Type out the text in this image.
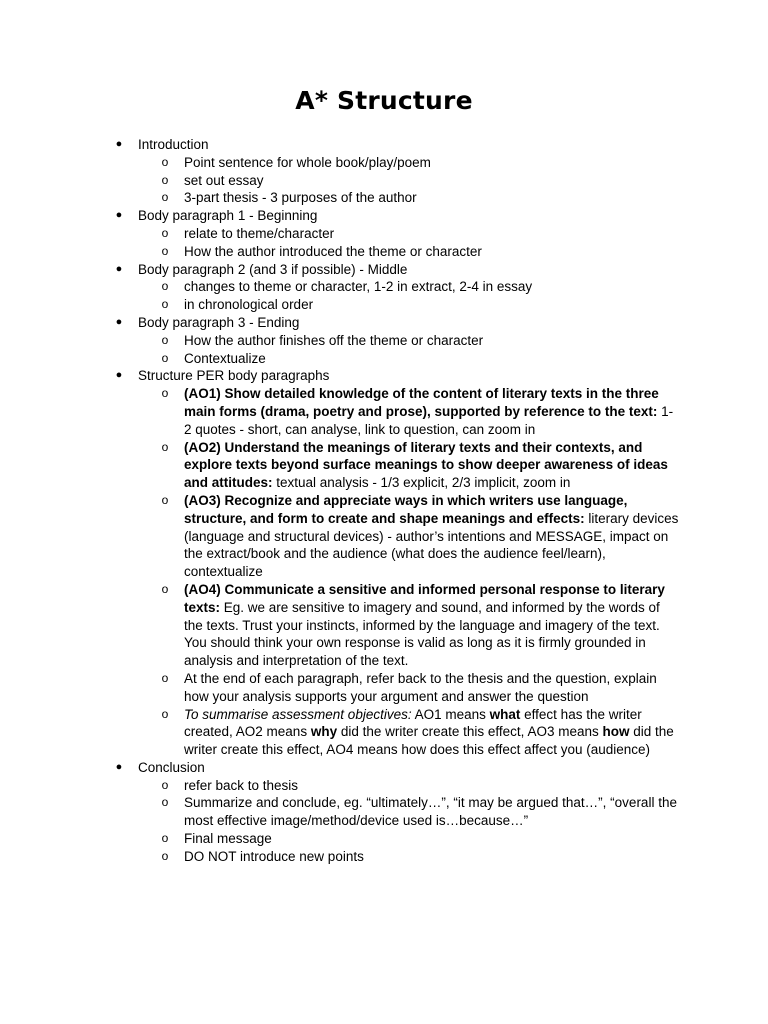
A* Structure
● Introduction
o Point sentence for whole book/play/poem
o set out essay
o 3-part thesis - 3 purposes of the author
● Body paragraph 1 - Beginning
o relate to theme/character
o How the author introduced the theme or character
● Body paragraph 2 (and 3 if possible) - Middle
o changes to theme or character, 1-2 in extract, 2-4 in essay
o in chronological order
● Body paragraph 3 - Ending
o How the author finishes off the theme or character
o Contextualize
● Structure PER body paragraphs
o (AO1) Show detailed knowledge of the content of literary texts in the three main forms (drama, poetry and prose), supported by reference to the text: 1-2 quotes - short, can analyse, link to question, can zoom in
o (AO2) Understand the meanings of literary texts and their contexts, and explore texts beyond surface meanings to show deeper awareness of ideas and attitudes: textual analysis - 1/3 explicit, 2/3 implicit, zoom in
o (AO3) Recognize and appreciate ways in which writers use language, structure, and form to create and shape meanings and effects: literary devices (language and structural devices) - author’s intentions and MESSAGE, impact on the extract/book and the audience (what does the audience feel/learn), contextualize
o (AO4) Communicate a sensitive and informed personal response to literary texts: Eg. we are sensitive to imagery and sound, and informed by the words of the texts. Trust your instincts, informed by the language and imagery of the text. You should think your own response is valid as long as it is firmly grounded in analysis and interpretation of the text.
o At the end of each paragraph, refer back to the thesis and the question, explain how your analysis supports your argument and answer the question
o To summarise assessment objectives: AO1 means what effect has the writer created, AO2 means why did the writer create this effect, AO3 means how did the writer create this effect, AO4 means how does this effect affect you (audience)
● Conclusion
o refer back to thesis
o Summarize and conclude, eg. “ultimately…”, “it may be argued that…”, “overall the most effective image/method/device used is…because…”
o Final message
o DO NOT introduce new points
